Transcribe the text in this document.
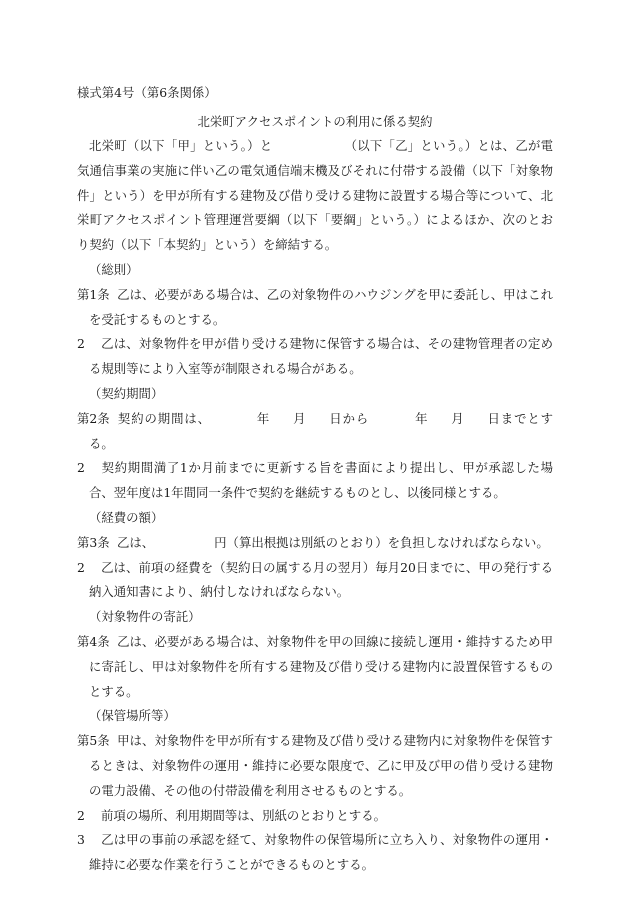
様式第4号（第6条関係）
北栄町アクセスポイントの利用に係る契約
北栄町（以下「甲」という。）と	（以下「乙」という。）とは、乙が電気通信事業の実施に伴い乙の電気通信端末機及びそれに付帯する設備（以下「対象物件」という）を甲が所有する建物及び借り受ける建物に設置する場合等について、北栄町アクセスポイント管理運営要綱（以下「要綱」という。）によるほか、次のとおり契約（以下「本契約」という）を締結する。
（総則）
第1条 乙は、必要がある場合は、乙の対象物件のハウジングを甲に委託し、甲はこれを受託するものとする。
2 乙は、対象物件を甲が借り受ける建物に保管する場合は、その建物管理者の定める規則等により入室等が制限される場合がある。
（契約期間）
第2条 契約の期間は、	年 月 日から	年 月 日までとする。
2 契約期間満了1か月前までに更新する旨を書面により提出し、甲が承認した場合、翌年度は1年間同一条件で契約を継続するものとし、以後同様とする。
（経費の額）
第3条 乙は、	円（算出根拠は別紙のとおり）を負担しなければならない。
2 乙は、前項の経費を（契約日の属する月の翌月）毎月20日までに、甲の発行する納入通知書により、納付しなければならない。
（対象物件の寄託）
第4条 乙は、必要がある場合は、対象物件を甲の回線に接続し運用・維持するため甲に寄託し、甲は対象物件を所有する建物及び借り受ける建物内に設置保管するものとする。
（保管場所等）
第5条 甲は、対象物件を甲が所有する建物及び借り受ける建物内に対象物件を保管するときは、対象物件の運用・維持に必要な限度で、乙に甲及び甲の借り受ける建物の電力設備、その他の付帯設備を利用させるものとする。
2 前項の場所、利用期間等は、別紙のとおりとする。
3 乙は甲の事前の承認を経て、対象物件の保管場所に立ち入り、対象物件の運用・維持に必要な作業を行うことができるものとする。
